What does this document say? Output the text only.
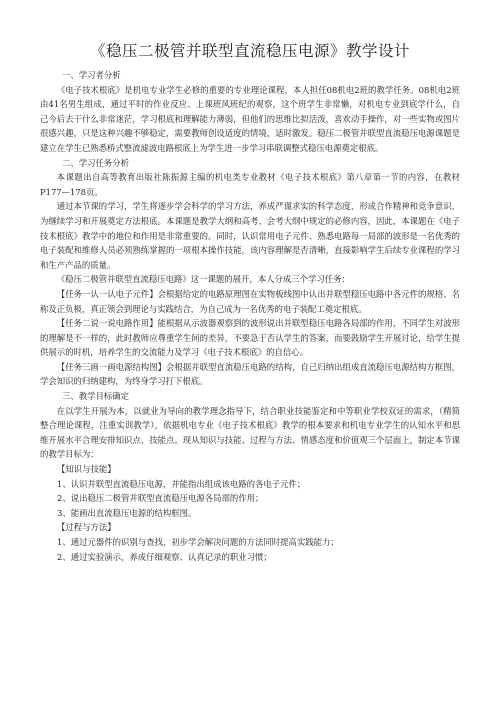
《稳压二极管并联型直流稳压电源》教学设计

一、学习者分析

《电子技术根底》是机电专业学生必修的重要的专业理论课程，本人担任08机电2班的教学任务。08机电2班由41名男生组成，通过平时的作业反应、上课班风班纪的观察，这个班学生非常懒，对机电专业到底学什么，自己今后去干什么非常迷茫，学习根底和理解能力薄弱，但他们的思维比拟活泼，喜欢动手操作，对一些实物或图片很感兴趣，只是这种兴趣不够稳定，需要教师创设适度的情境，适时激发。稳压二极管并联型直流稳压电源课题是建立在学生已熟悉桥式整流滤波电路根底上为学生进一步学习串联调整式稳压电源奠定根底。

二、学习任务分析

本课题出自高等教育出版社陈振源主编的机电类专业教材《电子技术根底》第八章第一节的内容，在教材P177—178页。

通过本节课的学习，学生将逐步学会科学的学习方法，养成严谨求实的科学态度，形成合作精神和竞争意识，为继续学习和开展奠定方法根底。本课题是教学大纲和高考、会考大纲中规定的必修内容，因此，本课题在《电子技术根底》教学中的地位和作用是非常重要的。同时，认识常用电子元件、熟悉电路每一局部的波形是一名优秀的电子装配和维修人员必须熟练掌握的一项根本操作技能，该内容理解是否清晰，直接影响学生后续专业课程的学习和生产产品的质量。

《稳压二极管并联型直流稳压电路》这一课题的展开，本人分成三个学习任务：

【任务一认一认电子元件】会根据给定的电路原理图在实物板线图中认出并联型稳压电路中各元件的规格、名称及正负极，真正领会到理论与实践结合，为自己成为一名优秀的电子装配工奠定根底。

【任务二说一说电路作用】能根据从示波器观察到的波形说出并联型稳压电路各局部的作用，不同学生对波形的理解是不一样的，此时教师应尊重学生间的差异，不要急于否认学生的答案，而要鼓励学生开展讨论，给学生提供展示的时机，培养学生的交流能力及学习《电子技术根底》的自信心。

【任务三画一画电源结构图】会根据并联型直流稳压电路的结构，自己归纳出组成直流稳压电源结构方框图，学会知识的归纳建构，为终身学习打下根底。

三、教学目标确定

在以学生开展为本，以就业为导向的教学理念指导下，结合职业技能鉴定和中等职业学校双证的需求，（精简整合理论课程，注重实训教学），依据机电专业《电子技术根底》教学的根本要求和机电专业学生的认知水平和思维开展水平合理安排知识点、技能点。现从知识与技能、过程与方法、情感态度和价值观三个层面上，制定本节课的教学目标为：

【知识与技能】

1、认识并联型直流稳压电源，并能指出组成该电路的各电子元件；

2、说出稳压二极管并联型直流稳压电源各局部的作用；

3、能画出直流稳压电源的结构框图。

【过程与方法】

1、通过元器件的识别与查找，初步学会解决问题的方法同时提高实践能力；

2、通过实验演示，养成仔细观察、认真记录的职业习惯；
